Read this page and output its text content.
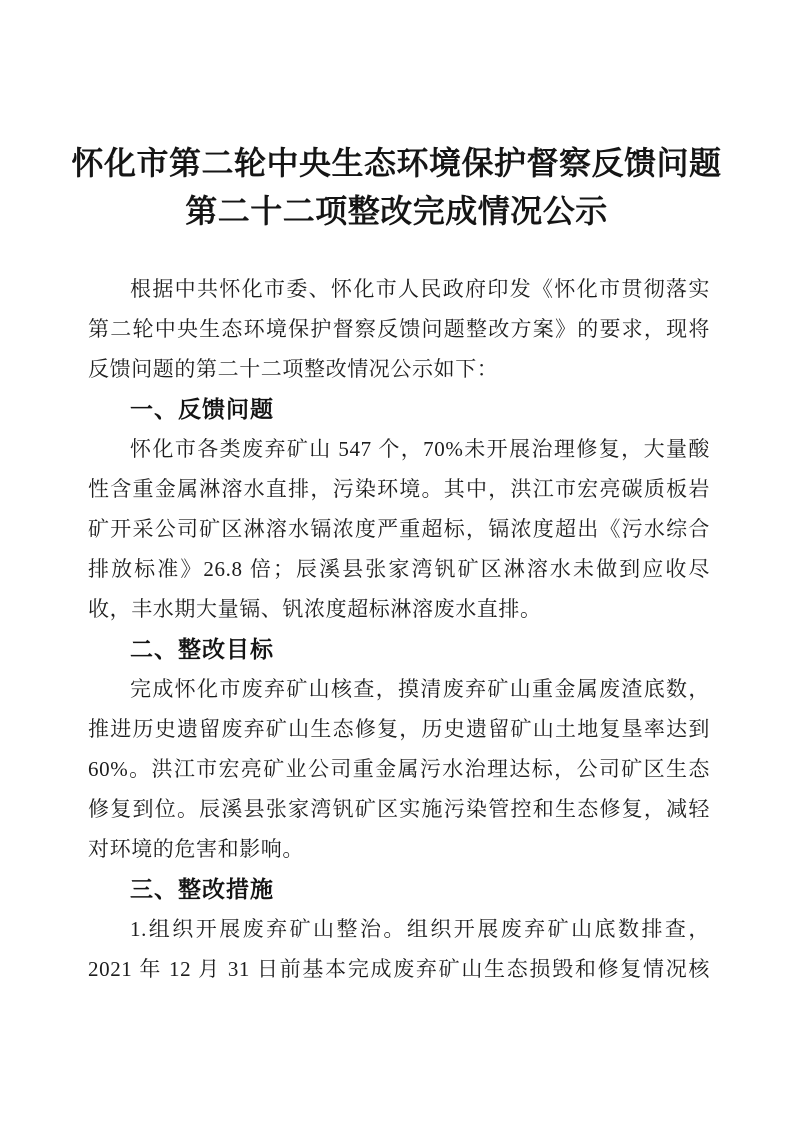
怀化市第二轮中央生态环境保护督察反馈问题
第二十二项整改完成情况公示
根据中共怀化市委、怀化市人民政府印发《怀化市贯彻落实
第二轮中央生态环境保护督察反馈问题整改方案》的要求，现将
反馈问题的第二十二项整改情况公示如下：
一、反馈问题
怀化市各类废弃矿山 547 个，70%未开展治理修复，大量酸
性含重金属淋溶水直排，污染环境。其中，洪江市宏亮碳质板岩
矿开采公司矿区淋溶水镉浓度严重超标，镉浓度超出《污水综合
排放标准》26.8 倍；辰溪县张家湾钒矿区淋溶水未做到应收尽
收，丰水期大量镉、钒浓度超标淋溶废水直排。
二、整改目标
完成怀化市废弃矿山核查，摸清废弃矿山重金属废渣底数，
推进历史遗留废弃矿山生态修复，历史遗留矿山土地复垦率达到
60%。洪江市宏亮矿业公司重金属污水治理达标，公司矿区生态
修复到位。辰溪县张家湾钒矿区实施污染管控和生态修复，减轻
对环境的危害和影响。
三、整改措施
1.组织开展废弃矿山整治。组织开展废弃矿山底数排查，
2021 年 12 月 31 日前基本完成废弃矿山生态损毁和修复情况核
